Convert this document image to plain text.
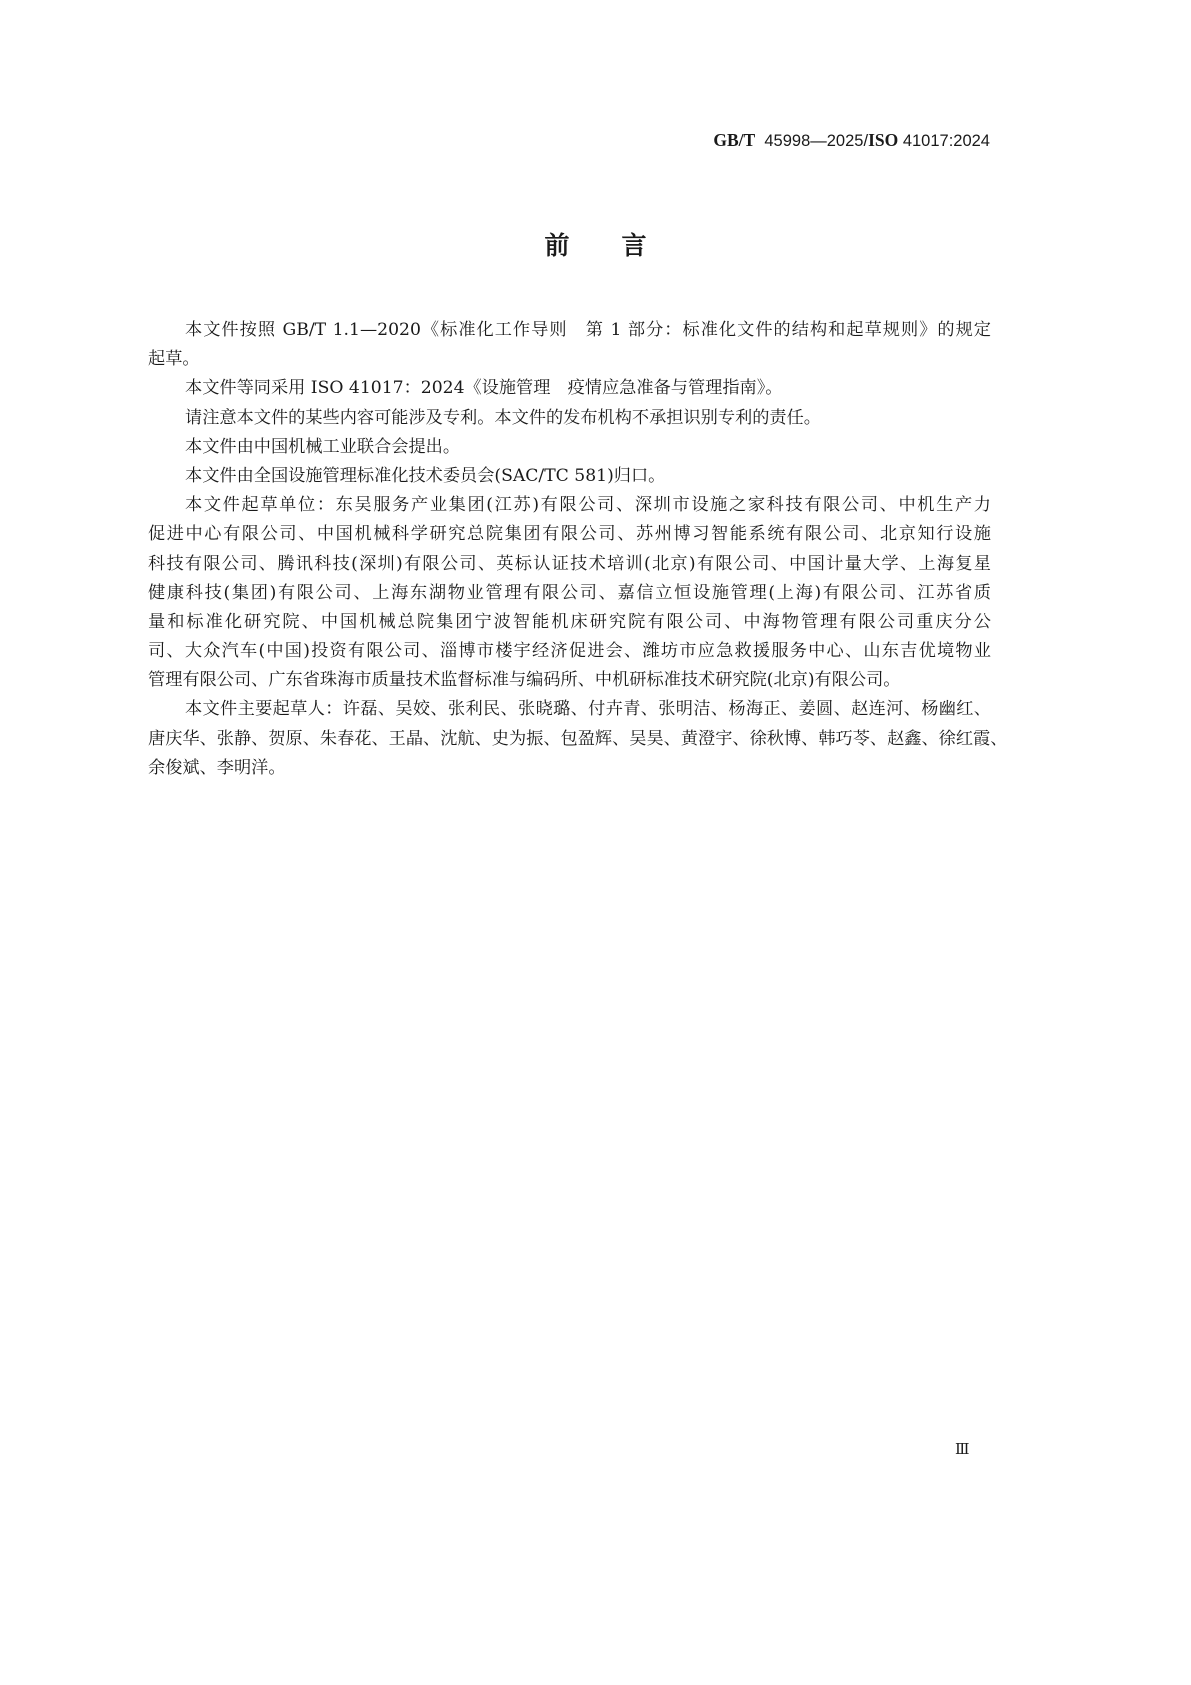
GB/T 45998—2025/ISO 41017:2024
前言
本文件按照 GB/T 1.1—2020《标准化工作导则　第 1 部分：标准化文件的结构和起草规则》的规定
起草。
本文件等同采用 ISO 41017：2024《设施管理　疫情应急准备与管理指南》。
请注意本文件的某些内容可能涉及专利。本文件的发布机构不承担识别专利的责任。
本文件由中国机械工业联合会提出。
本文件由全国设施管理标准化技术委员会(SAC/TC 581)归口。
本文件起草单位：东吴服务产业集团(江苏)有限公司、深圳市设施之家科技有限公司、中机生产力
促进中心有限公司、中国机械科学研究总院集团有限公司、苏州博习智能系统有限公司、北京知行设施
科技有限公司、腾讯科技(深圳)有限公司、英标认证技术培训(北京)有限公司、中国计量大学、上海复星
健康科技(集团)有限公司、上海东湖物业管理有限公司、嘉信立恒设施管理(上海)有限公司、江苏省质
量和标准化研究院、中国机械总院集团宁波智能机床研究院有限公司、中海物管理有限公司重庆分公
司、大众汽车(中国)投资有限公司、淄博市楼宇经济促进会、潍坊市应急救援服务中心、山东吉优境物业
管理有限公司、广东省珠海市质量技术监督标准与编码所、中机研标准技术研究院(北京)有限公司。
本文件主要起草人：许磊、吴姣、张利民、张晓璐、付卉青、张明洁、杨海正、姜圆、赵连河、杨幽红、
唐庆华、张静、贺原、朱春花、王晶、沈航、史为振、包盈辉、吴昊、黄澄宇、徐秋博、韩巧苓、赵鑫、徐红霞、
余俊斌、李明洋。
Ⅲ
